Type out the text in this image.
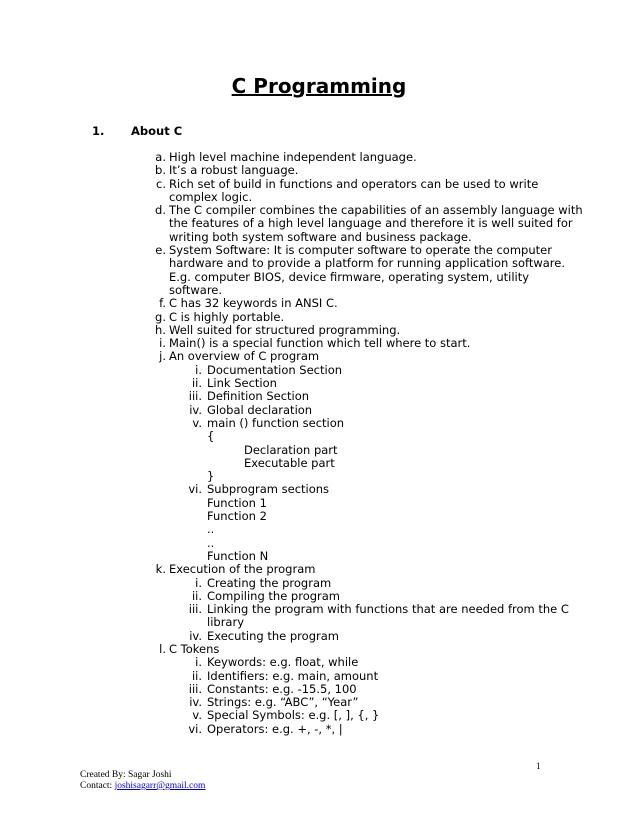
C Programming
1. About C
a. High level machine independent language.
b. It’s a robust language.
c. Rich set of build in functions and operators can be used to write
complex logic.
d. The C compiler combines the capabilities of an assembly language with
the features of a high level language and therefore it is well suited for
writing both system software and business package.
e. System Software: It is computer software to operate the computer
hardware and to provide a platform for running application software.
E.g. computer BIOS, device firmware, operating system, utility
software.
f. C has 32 keywords in ANSI C.
g. C is highly portable.
h. Well suited for structured programming.
i. Main() is a special function which tell where to start.
j. An overview of C program
i. Documentation Section
ii. Link Section
iii. Definition Section
iv. Global declaration
v. main () function section
{
Declaration part
Executable part
}
vi. Subprogram sections
Function 1
Function 2
..
..
Function N
k. Execution of the program
i. Creating the program
ii. Compiling the program
iii. Linking the program with functions that are needed from the C
library
iv. Executing the program
l. C Tokens
i. Keywords: e.g. float, while
ii. Identifiers: e.g. main, amount
iii. Constants: e.g. -15.5, 100
iv. Strings: e.g. “ABC”, “Year”
v. Special Symbols: e.g. [, ], {, }
vi. Operators: e.g. +, -, *, |
1
Created By: Sagar Joshi
Contact: joshisagarr@gmail.com
